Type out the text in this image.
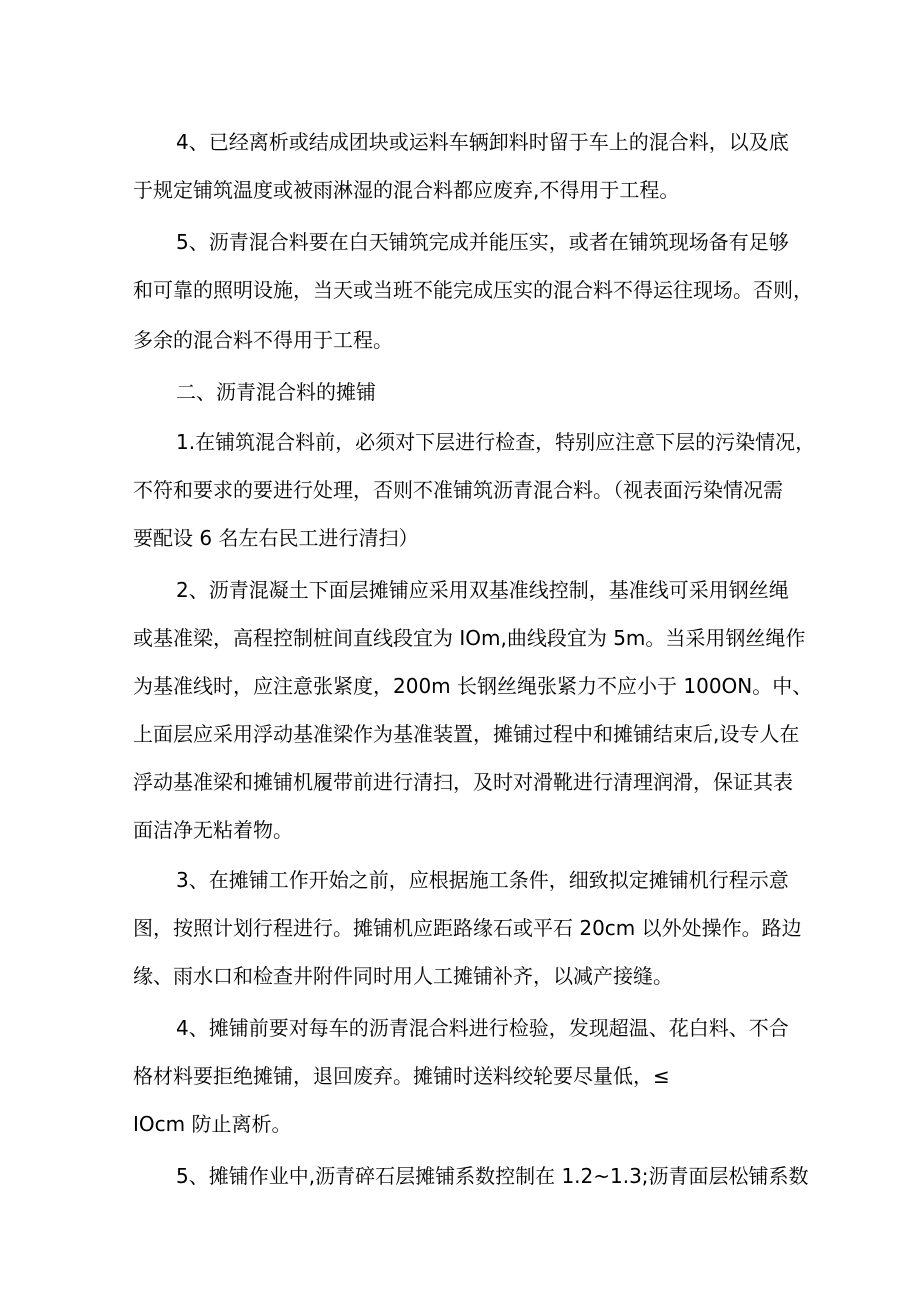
4、已经离析或结成团块或运料车辆卸料时留于车上的混合料，以及底
于规定铺筑温度或被雨淋湿的混合料都应废弃,不得用于工程。
5、沥青混合料要在白天铺筑完成并能压实，或者在铺筑现场备有足够
和可靠的照明设施，当天或当班不能完成压实的混合料不得运往现场。否则，
多余的混合料不得用于工程。
二、沥青混合料的摊铺
1.在铺筑混合料前，必须对下层进行检查，特别应注意下层的污染情况，
不符和要求的要进行处理，否则不准铺筑沥青混合料。（视表面污染情况需
要配设 6 名左右民工进行清扫）
2、沥青混凝土下面层摊铺应采用双基准线控制，基准线可采用钢丝绳
或基准梁，高程控制桩间直线段宜为 IOm,曲线段宜为 5m。当采用钢丝绳作
为基准线时，应注意张紧度，200m 长钢丝绳张紧力不应小于 100ON。中、
上面层应采用浮动基准梁作为基准装置，摊铺过程中和摊铺结束后,设专人在
浮动基准梁和摊铺机履带前进行清扫，及时对滑靴进行清理润滑，保证其表
面洁净无粘着物。
3、在摊铺工作开始之前，应根据施工条件，细致拟定摊铺机行程示意
图，按照计划行程进行。摊铺机应距路缘石或平石 20cm 以外处操作。路边
缘、雨水口和检查井附件同时用人工摊铺补齐，以减产接缝。
4、摊铺前要对每车的沥青混合料进行检验，发现超温、花白料、不合
格材料要拒绝摊铺，退回废弃。摊铺时送料绞轮要尽量低，≤
IOcm 防止离析。
5、摊铺作业中,沥青碎石层摊铺系数控制在 1.2~1.3;沥青面层松铺系数
